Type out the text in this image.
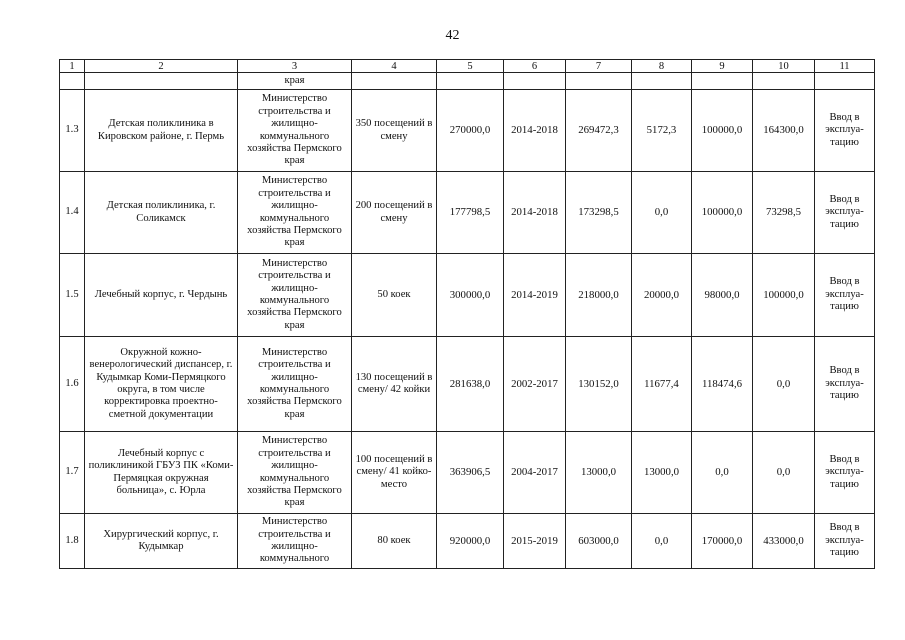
42
1	2	3	4	5	6	7	8	9	10	11
		края								
1.3	Детская поликлиника в Кировском районе, г. Пермь	Министерство строительства и жилищно-коммунального хозяйства Пермского края	350 посещений в смену	270000,0	2014-2018	269472,3	5172,3	100000,0	164300,0	Ввод в эксплуа-тацию
1.4	Детская поликлиника, г. Соликамск	Министерство строительства и жилищно-коммунального хозяйства Пермского края	200 посещений в смену	177798,5	2014-2018	173298,5	0,0	100000,0	73298,5	Ввод в эксплуа-тацию
1.5	Лечебный корпус, г. Чердынь	Министерство строительства и жилищно-коммунального хозяйства Пермского края	50 коек	300000,0	2014-2019	218000,0	20000,0	98000,0	100000,0	Ввод в эксплуа-тацию
1.6	Окружной кожно-венерологический диспансер, г. Кудымкар Коми-Пермяцкого округа, в том числе корректировка проектно-сметной документации	Министерство строительства и жилищно-коммунального хозяйства Пермского края	130 посещений в смену/ 42 койки	281638,0	2002-2017	130152,0	11677,4	118474,6	0,0	Ввод в эксплуа-тацию
1.7	Лечебный корпус с поликлиникой ГБУЗ ПК «Коми-Пермяцкая окружная больница», с. Юрла	Министерство строительства и жилищно-коммунального хозяйства Пермского края	100 посещений в смену/ 41 койко-место	363906,5	2004-2017	13000,0	13000,0	0,0	0,0	Ввод в эксплуа-тацию
1.8	Хирургический корпус, г. Кудымкар	Министерство строительства и жилищно-коммунального	80 коек	920000,0	2015-2019	603000,0	0,0	170000,0	433000,0	Ввод в эксплуа-тацию
